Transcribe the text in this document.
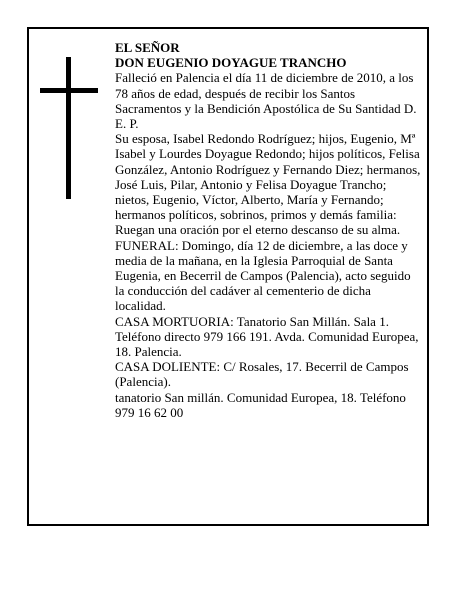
EL SEÑOR

DON EUGENIO DOYAGUE TRANCHO

Falleció en Palencia el día 11 de diciembre de 2010, a los 78 años de edad, después de recibir los Santos Sacramentos y la Bendición Apostólica de Su Santidad D. E. P.

Su esposa, Isabel Redondo Rodríguez; hijos, Eugenio, Mª Isabel y Lourdes Doyague Redondo; hijos políticos, Felisa González, Antonio Rodríguez y Fernando Diez; hermanos, José Luis, Pilar, Antonio y Felisa Doyague Trancho; nietos, Eugenio, Víctor, Alberto, María y Fernando; hermanos políticos, sobrinos, primos y demás familia:

Ruegan una oración por el eterno descanso de su alma.

FUNERAL: Domingo, día 12 de diciembre, a las doce y media de la mañana, en la Iglesia Parroquial de Santa Eugenia, en Becerril de Campos (Palencia), acto seguido la conducción del cadáver al cementerio de dicha localidad.

CASA MORTUORIA: Tanatorio San Millán. Sala 1. Teléfono directo 979 166 191. Avda. Comunidad Europea, 18. Palencia.

CASA DOLIENTE: C/ Rosales, 17. Becerril de Campos (Palencia).

tanatorio San millán. Comunidad Europea, 18. Teléfono 979 16 62 00
